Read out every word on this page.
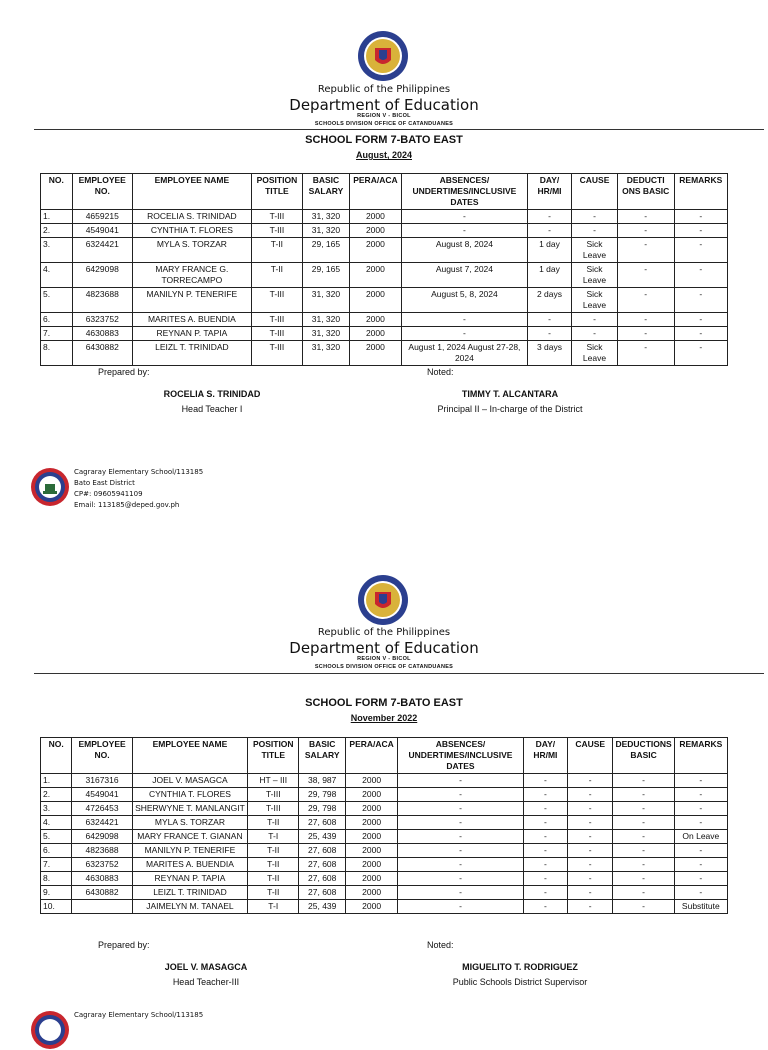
Republic of the Philippines
Department of Education
REGION V - BICOL
SCHOOLS DIVISION OFFICE OF CATANDUANES
SCHOOL FORM 7-BATO EAST
August, 2024
NO.	EMPLOYEE NO.	EMPLOYEE NAME	POSITION TITLE	BASIC SALARY	PERA/ACA	ABSENCES/ UNDERTIMES/INCLUSIVE DATES	DAY/ HR/MI	CAUSE	DEDUCTI ONS BASIC	REMARKS
1.	4659215	ROCELIA S. TRINIDAD	T-III	31, 320	2000	-	-	-	-	-
2.	4549041	CYNTHIA T. FLORES	T-III	31, 320	2000	-	-	-	-	-
3.	6324421	MYLA S. TORZAR	T-II	29, 165	2000	August 8, 2024	1 day	Sick Leave	-	-
4.	6429098	MARY FRANCE G. TORRECAMPO	T-II	29, 165	2000	August 7, 2024	1 day	Sick Leave	-	-
5.	4823688	MANILYN P. TENERIFE	T-III	31, 320	2000	August 5, 8, 2024	2 days	Sick Leave	-	-
6.	6323752	MARITES A. BUENDIA	T-III	31, 320	2000	-	-	-	-	-
7.	4630883	REYNAN P. TAPIA	T-III	31, 320	2000	-	-	-	-	-
8.	6430882	LEIZL T. TRINIDAD	T-III	31, 320	2000	August 1, 2024 August 27-28, 2024	3 days	Sick Leave	-	-
Prepared by:
ROCELIA S. TRINIDAD
Head Teacher I
Noted:
TIMMY T. ALCANTARA
Principal II – In-charge of the District
Cagraray Elementary School/113185
Bato East District
CP#: 09605941109
Email: 113185@deped.gov.ph
Republic of the Philippines
Department of Education
REGION V - BICOL
SCHOOLS DIVISION OFFICE OF CATANDUANES
SCHOOL FORM 7-BATO EAST
November 2022
NO.	EMPLOYEE NO.	EMPLOYEE NAME	POSITION TITLE	BASIC SALARY	PERA/ACA	ABSENCES/ UNDERTIMES/INCLUSIVE DATES	DAY/ HR/MI	CAUSE	DEDUCTIONS BASIC	REMARKS
1.	3167316	JOEL V. MASAGCA	HT – III	38, 987	2000	-	-	-	-	-
2.	4549041	CYNTHIA T. FLORES	T-III	29, 798	2000	-	-	-	-	-
3.	4726453	SHERWYNE T. MANLANGIT	T-III	29, 798	2000	-	-	-	-	-
4.	6324421	MYLA S. TORZAR	T-II	27, 608	2000	-	-	-	-	-
5.	6429098	MARY FRANCE T. GIANAN	T-I	25, 439	2000	-	-	-	-	On Leave
6.	4823688	MANILYN P. TENERIFE	T-II	27, 608	2000	-	-	-	-	-
7.	6323752	MARITES A. BUENDIA	T-II	27, 608	2000	-	-	-	-	-
8.	4630883	REYNAN P. TAPIA	T-II	27, 608	2000	-	-	-	-	-
9.	6430882	LEIZL T. TRINIDAD	T-II	27, 608	2000	-	-	-	-	-
10.		JAIMELYN M. TANAEL	T-I	25, 439	2000	-	-	-	-	Substitute
Prepared by:
JOEL V. MASAGCA
Head Teacher-III
Noted:
MIGUELITO T. RODRIGUEZ
Public Schools District Supervisor
Cagraray Elementary School/113185
